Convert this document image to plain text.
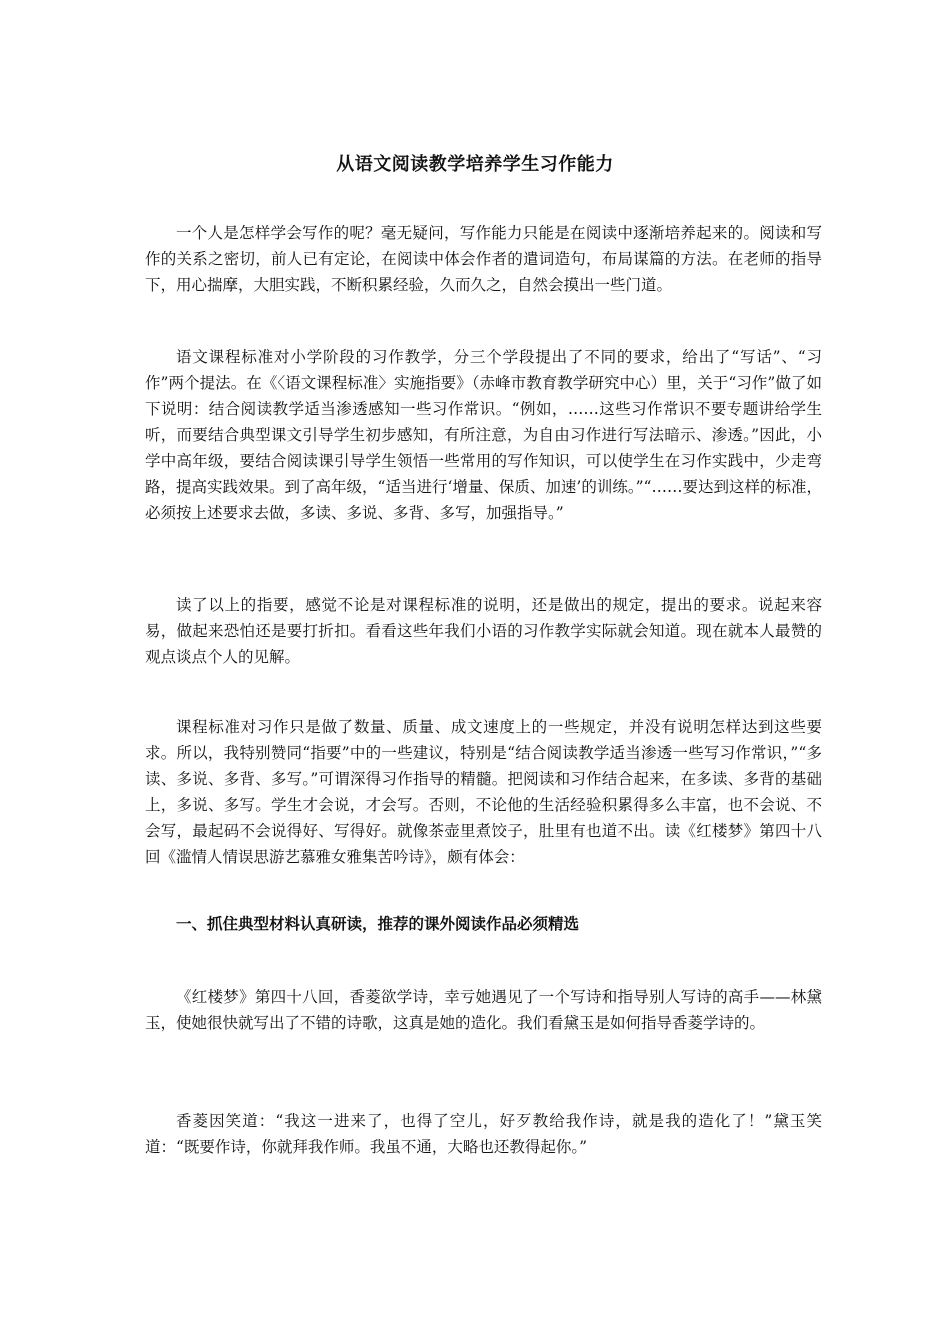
从语文阅读教学培养学生习作能力

一个人是怎样学会写作的呢？毫无疑问，写作能力只能是在阅读中逐渐培养起来的。阅读和写作的关系之密切，前人已有定论，在阅读中体会作者的遣词造句，布局谋篇的方法。在老师的指导下，用心揣摩，大胆实践，不断积累经验，久而久之，自然会摸出一些门道。

语文课程标准对小学阶段的习作教学，分三个学段提出了不同的要求，给出了“写话”、“习作”两个提法。在《〈语文课程标准〉实施指要》（赤峰市教育教学研究中心）里，关于“习作”做了如下说明：结合阅读教学适当渗透感知一些习作常识。“例如，……这些习作常识不要专题讲给学生听，而要结合典型课文引导学生初步感知，有所注意，为自由习作进行写法暗示、渗透。”因此，小学中高年级，要结合阅读课引导学生领悟一些常用的写作知识，可以使学生在习作实践中，少走弯路，提高实践效果。到了高年级，“适当进行‘增量、保质、加速’的训练。”“……要达到这样的标准，必须按上述要求去做，多读、多说、多背、多写，加强指导。”

读了以上的指要，感觉不论是对课程标准的说明，还是做出的规定，提出的要求。说起来容易，做起来恐怕还是要打折扣。看看这些年我们小语的习作教学实际就会知道。现在就本人最赞的观点谈点个人的见解。

课程标准对习作只是做了数量、质量、成文速度上的一些规定，并没有说明怎样达到这些要求。所以，我特别赞同“指要”中的一些建议，特别是“结合阅读教学适当渗透一些写习作常识，”“多读、多说、多背、多写。”可谓深得习作指导的精髓。把阅读和习作结合起来，在多读、多背的基础上，多说、多写。学生才会说，才会写。否则，不论他的生活经验积累得多么丰富，也不会说、不会写，最起码不会说得好、写得好。就像茶壶里煮饺子，肚里有也道不出。读《红楼梦》第四十八回《滥情人情误思游艺慕雅女雅集苦吟诗》，颇有体会：

一、抓住典型材料认真研读，推荐的课外阅读作品必须精选

《红楼梦》第四十八回，香菱欲学诗，幸亏她遇见了一个写诗和指导别人写诗的高手——林黛玉，使她很快就写出了不错的诗歌，这真是她的造化。我们看黛玉是如何指导香菱学诗的。

香菱因笑道：“我这一进来了，也得了空儿，好歹教给我作诗，就是我的造化了！”黛玉笑道：“既要作诗，你就拜我作师。我虽不通，大略也还教得起你。”
